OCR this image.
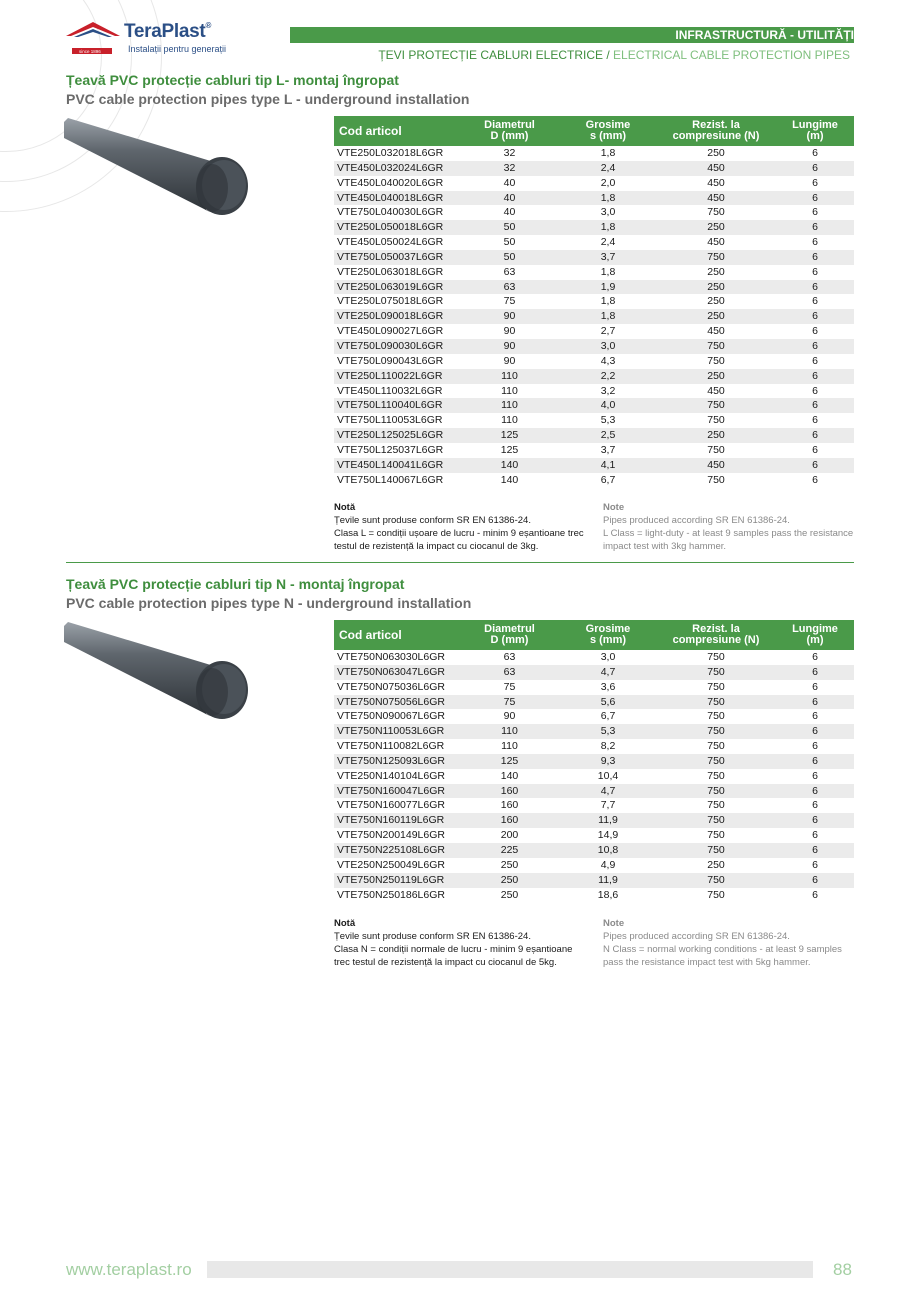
since 1896
TeraPlast®
Instalații pentru generații
INFRASTRUCTURĂ - UTILITĂȚI
ȚEVI PROTECȚIE CABLURI ELECTRICE / ELECTRICAL CABLE PROTECTION PIPES
Țeavă PVC protecție cabluri tip L- montaj îngropat
PVC cable protection pipes type L - underground installation
Cod articol	Diametrul
D (mm)
Grosime
s (mm)
Rezist. la
compresiune (N)
Lungime
(m)
VTE250L032018L6GR	32	1,8	250	6
VTE450L032024L6GR	32	2,4	450	6
VTE450L040020L6GR	40	2,0	450	6
VTE450L040018L6GR	40	1,8	450	6
VTE750L040030L6GR	40	3,0	750	6
VTE250L050018L6GR	50	1,8	250	6
VTE450L050024L6GR	50	2,4	450	6
VTE750L050037L6GR	50	3,7	750	6
VTE250L063018L6GR	63	1,8	250	6
VTE250L063019L6GR	63	1,9	250	6
VTE250L075018L6GR	75	1,8	250	6
VTE250L090018L6GR	90	1,8	250	6
VTE450L090027L6GR	90	2,7	450	6
VTE750L090030L6GR	90	3,0	750	6
VTE750L090043L6GR	90	4,3	750	6
VTE250L110022L6GR	110	2,2	250	6
VTE450L110032L6GR	110	3,2	450	6
VTE750L110040L6GR	110	4,0	750	6
VTE750L110053L6GR	110	5,3	750	6
VTE250L125025L6GR	125	2,5	250	6
VTE750L125037L6GR	125	3,7	750	6
VTE450L140041L6GR	140	4,1	450	6
VTE750L140067L6GR	140	6,7	750	6
Notă
Țevile sunt produse conform SR EN 61386-24.
Clasa L = condiții ușoare de lucru - minim 9 eșantioane trec testul de rezistență la impact cu ciocanul de 3kg.
Note
Pipes produced according SR EN 61386-24.
L Class = light-duty - at least 9 samples pass the resistance impact test with 3kg hammer.
Țeavă PVC protecție cabluri tip N - montaj îngropat
PVC cable protection pipes type N - underground installation
Cod articol	Diametrul
D (mm)
Grosime
s (mm)
Rezist. la
compresiune (N)
Lungime
(m)
VTE750N063030L6GR	63	3,0	750	6
VTE750N063047L6GR	63	4,7	750	6
VTE750N075036L6GR	75	3,6	750	6
VTE750N075056L6GR	75	5,6	750	6
VTE750N090067L6GR	90	6,7	750	6
VTE750N110053L6GR	110	5,3	750	6
VTE750N110082L6GR	110	8,2	750	6
VTE750N125093L6GR	125	9,3	750	6
VTE250N140104L6GR	140	10,4	750	6
VTE750N160047L6GR	160	4,7	750	6
VTE750N160077L6GR	160	7,7	750	6
VTE750N160119L6GR	160	11,9	750	6
VTE750N200149L6GR	200	14,9	750	6
VTE750N225108L6GR	225	10,8	750	6
VTE250N250049L6GR	250	4,9	250	6
VTE750N250119L6GR	250	11,9	750	6
VTE750N250186L6GR	250	18,6	750	6
Notă
Țevile sunt produse conform SR EN 61386-24.
Clasa N = condiții normale de lucru - minim 9 eșantioane trec testul de rezistență la impact cu ciocanul de 5kg.
Note
Pipes produced according SR EN 61386-24.
N Class = normal working conditions - at least 9 samples pass the resistance impact test with 5kg hammer.
www.teraplast.ro	88
